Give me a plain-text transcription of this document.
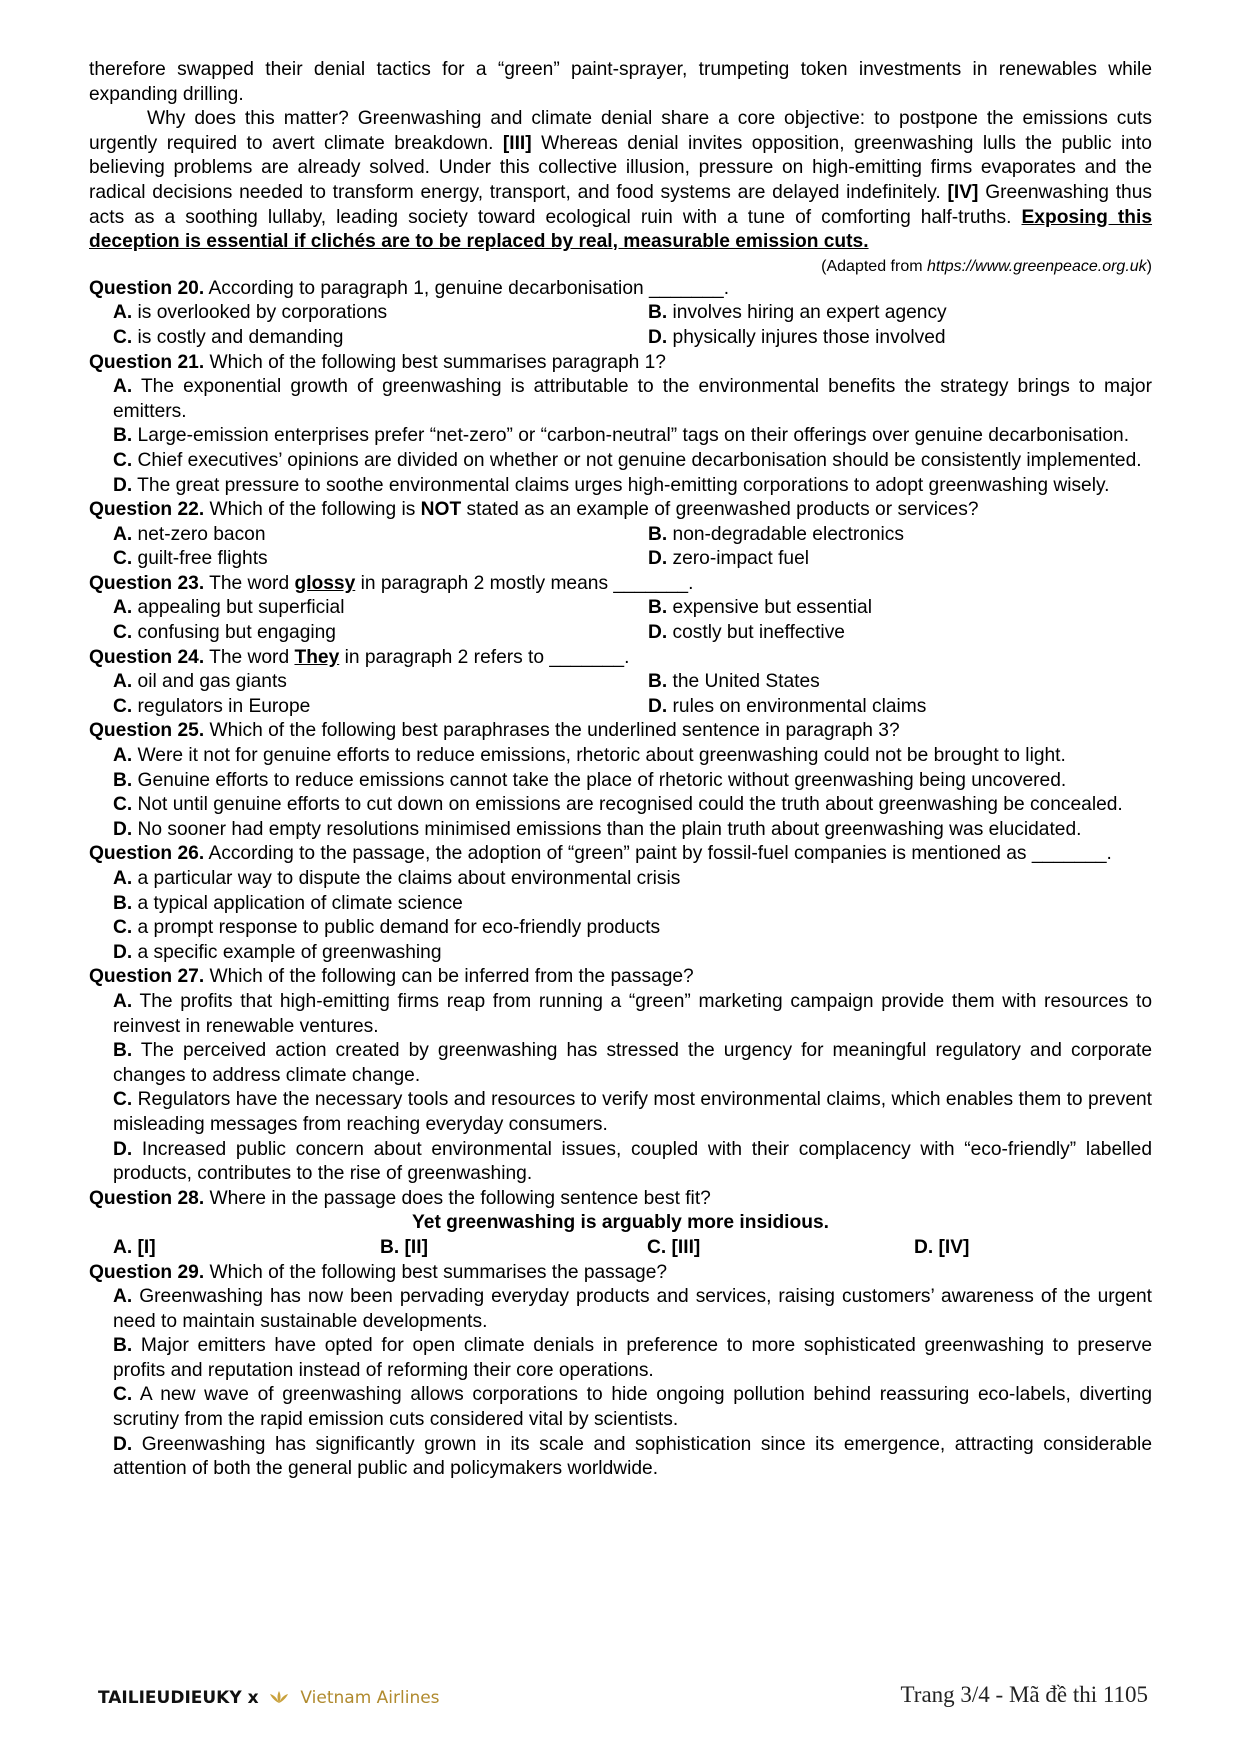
therefore swapped their denial tactics for a “green” paint-sprayer, trumpeting token investments in renewables while expanding drilling.
Why does this matter? Greenwashing and climate denial share a core objective: to postpone the emissions cuts urgently required to avert climate breakdown. [III] Whereas denial invites opposition, greenwashing lulls the public into believing problems are already solved. Under this collective illusion, pressure on high-emitting firms evaporates and the radical decisions needed to transform energy, transport, and food systems are delayed indefinitely. [IV] Greenwashing thus acts as a soothing lullaby, leading society toward ecological ruin with a tune of comforting half-truths. Exposing this deception is essential if clichés are to be replaced by real, measurable emission cuts.
(Adapted from https://www.greenpeace.org.uk)
Question 20. According to paragraph 1, genuine decarbonisation _______.
A. is overlooked by corporations	B. involves hiring an expert agency
C. is costly and demanding	D. physically injures those involved
Question 21. Which of the following best summarises paragraph 1?
A. The exponential growth of greenwashing is attributable to the environmental benefits the strategy brings to major emitters.
B. Large-emission enterprises prefer “net-zero” or “carbon-neutral” tags on their offerings over genuine decarbonisation.
C. Chief executives’ opinions are divided on whether or not genuine decarbonisation should be consistently implemented.
D. The great pressure to soothe environmental claims urges high-emitting corporations to adopt greenwashing wisely.
Question 22. Which of the following is NOT stated as an example of greenwashed products or services?
A. net-zero bacon	B. non-degradable electronics
C. guilt-free flights	D. zero-impact fuel
Question 23. The word glossy in paragraph 2 mostly means _______.
A. appealing but superficial	B. expensive but essential
C. confusing but engaging	D. costly but ineffective
Question 24. The word They in paragraph 2 refers to _______.
A. oil and gas giants	B. the United States
C. regulators in Europe	D. rules on environmental claims
Question 25. Which of the following best paraphrases the underlined sentence in paragraph 3?
A. Were it not for genuine efforts to reduce emissions, rhetoric about greenwashing could not be brought to light.
B. Genuine efforts to reduce emissions cannot take the place of rhetoric without greenwashing being uncovered.
C. Not until genuine efforts to cut down on emissions are recognised could the truth about greenwashing be concealed.
D. No sooner had empty resolutions minimised emissions than the plain truth about greenwashing was elucidated.
Question 26. According to the passage, the adoption of “green” paint by fossil-fuel companies is mentioned as _______.
A. a particular way to dispute the claims about environmental crisis
B. a typical application of climate science
C. a prompt response to public demand for eco-friendly products
D. a specific example of greenwashing
Question 27. Which of the following can be inferred from the passage?
A. The profits that high-emitting firms reap from running a “green” marketing campaign provide them with resources to reinvest in renewable ventures.
B. The perceived action created by greenwashing has stressed the urgency for meaningful regulatory and corporate changes to address climate change.
C. Regulators have the necessary tools and resources to verify most environmental claims, which enables them to prevent misleading messages from reaching everyday consumers.
D. Increased public concern about environmental issues, coupled with their complacency with “eco-friendly” labelled products, contributes to the rise of greenwashing.
Question 28. Where in the passage does the following sentence best fit?
Yet greenwashing is arguably more insidious.
A. [I]	B. [II]	C. [III]	D. [IV]
Question 29. Which of the following best summarises the passage?
A. Greenwashing has now been pervading everyday products and services, raising customers’ awareness of the urgent need to maintain sustainable developments.
B. Major emitters have opted for open climate denials in preference to more sophisticated greenwashing to preserve profits and reputation instead of reforming their core operations.
C. A new wave of greenwashing allows corporations to hide ongoing pollution behind reassuring eco-labels, diverting scrutiny from the rapid emission cuts considered vital by scientists.
D. Greenwashing has significantly grown in its scale and sophistication since its emergence, attracting considerable attention of both the general public and policymakers worldwide.
TAILIEUDIEUKY x Vietnam Airlines	Trang 3/4 - Mã đề thi 1105
